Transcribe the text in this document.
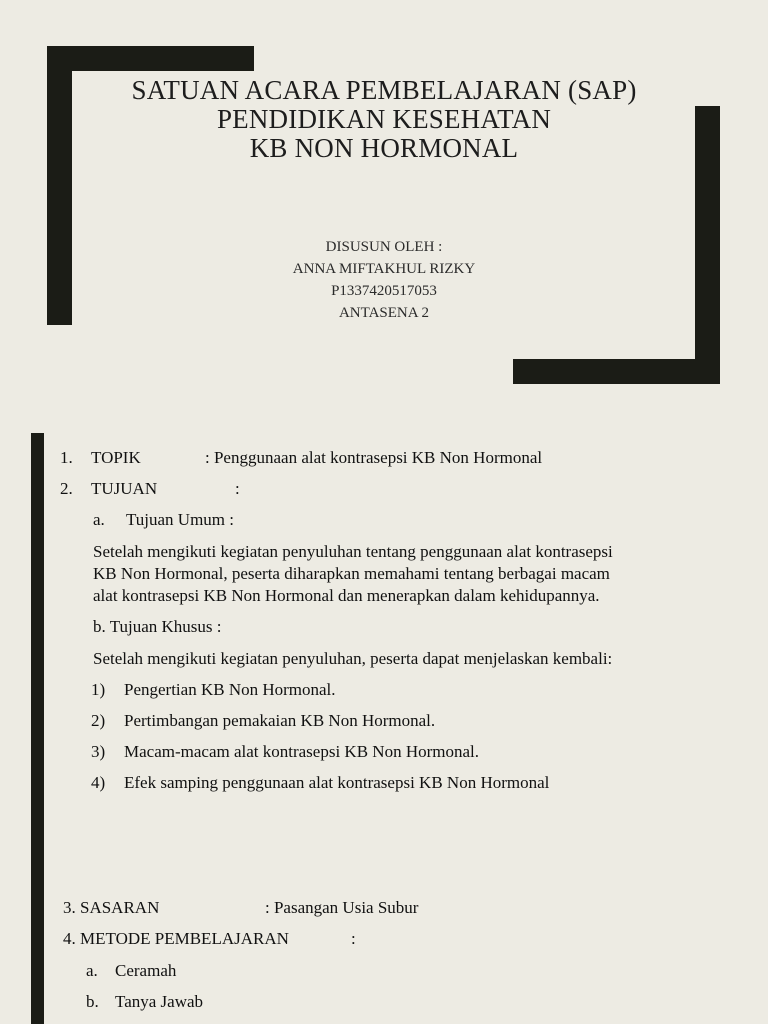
SATUAN ACARA PEMBELAJARAN (SAP)
PENDIDIKAN KESEHATAN
KB NON HORMONAL
DISUSUN OLEH :
ANNA MIFTAKHUL RIZKY
P1337420517053
ANTASENA 2
1. TOPIK	: Penggunaan alat kontrasepsi KB Non Hormonal
2. TUJUAN	:
a. Tujuan Umum :
Setelah mengikuti kegiatan penyuluhan tentang penggunaan alat kontrasepsi
KB Non Hormonal, peserta diharapkan memahami tentang berbagai macam
alat kontrasepsi KB Non Hormonal dan menerapkan dalam kehidupannya.
b. Tujuan Khusus :
Setelah mengikuti kegiatan penyuluhan, peserta dapat menjelaskan kembali:
1) Pengertian KB Non Hormonal.
2) Pertimbangan pemakaian KB Non Hormonal.
3) Macam-macam alat kontrasepsi KB Non Hormonal.
4) Efek samping penggunaan alat kontrasepsi KB Non Hormonal
3. SASARAN	: Pasangan Usia Subur
4. METODE PEMBELAJARAN	:
a. Ceramah
b. Tanya Jawab
